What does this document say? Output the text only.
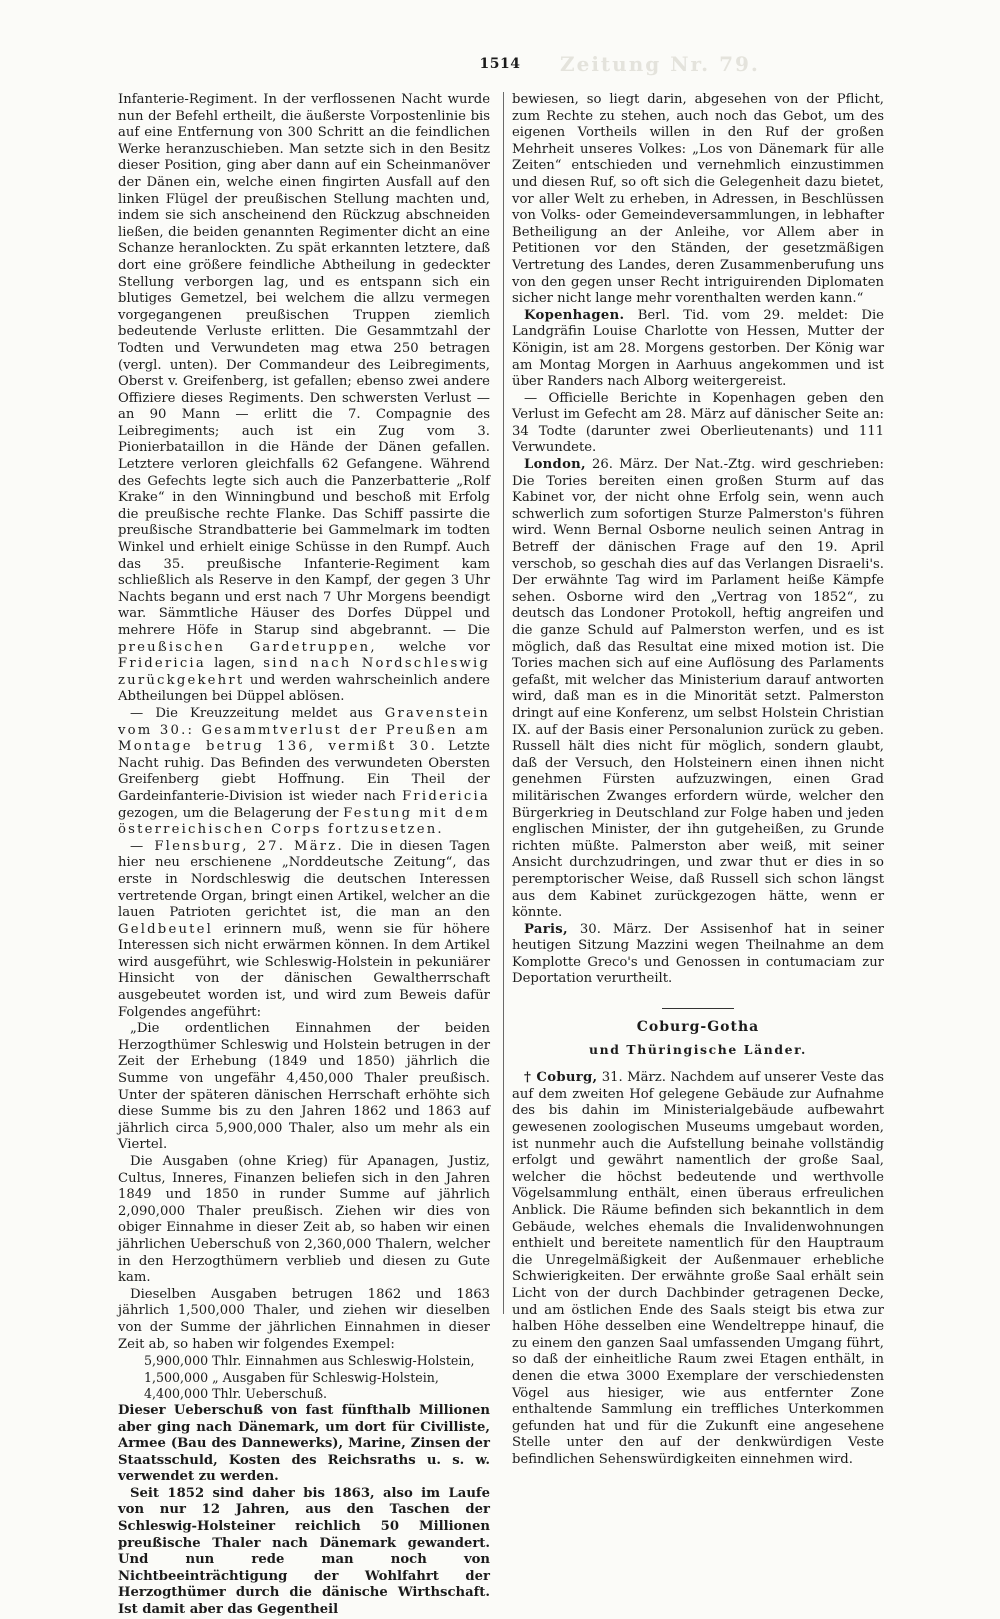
1514 Zeitung Nr. 79.

Infanterie-Regiment. In der verflossenen Nacht wurde nun der Befehl ertheilt, die äußerste Vorpostenlinie bis auf eine Entfernung von 300 Schritt an die feindlichen Werke heranzuschieben. Man setzte sich in den Besitz dieser Position, ging aber dann auf ein Scheinmanöver der Dänen ein, welche einen fingirten Ausfall auf den linken Flügel der preußischen Stellung machten und, indem sie sich anscheinend den Rückzug abschneiden ließen, die beiden genannten Regimenter dicht an eine Schanze heranlockten. Zu spät erkannten letztere, daß dort eine größere feindliche Abtheilung in gedeckter Stellung verborgen lag, und es entspann sich ein blutiges Gemetzel, bei welchem die allzu vermegen vorgegangenen preußischen Truppen ziemlich bedeutende Verluste erlitten. Die Gesammtzahl der Todten und Verwundeten mag etwa 250 betragen (vergl. unten). Der Commandeur des Leibregiments, Oberst v. Greifenberg, ist gefallen; ebenso zwei andere Offiziere dieses Regiments. Den schwersten Verlust — an 90 Mann — erlitt die 7. Compagnie des Leibregiments; auch ist ein Zug vom 3. Pionierbataillon in die Hände der Dänen gefallen. Letztere verloren gleichfalls 62 Gefangene. Während des Gefechts legte sich auch die Panzerbatterie „Rolf Krake“ in den Winningbund und beschoß mit Erfolg die preußische rechte Flanke. Das Schiff passirte die preußische Strandbatterie bei Gammelmark im todten Winkel und erhielt einige Schüsse in den Rumpf. Auch das 35. preußische Infanterie-Regiment kam schließlich als Reserve in den Kampf, der gegen 3 Uhr Nachts begann und erst nach 7 Uhr Morgens beendigt war. Sämmtliche Häuser des Dorfes Düppel und mehrere Höfe in Starup sind abgebrannt. — Die preußischen Gardetruppen, welche vor Fridericia lagen, sind nach Nordschleswig zurückgekehrt und werden wahrscheinlich andere Abtheilungen bei Düppel ablösen.

— Die Kreuzzeitung meldet aus Gravenstein vom 30.: Gesammtverlust der Preußen am Montage betrug 136, vermißt 30. Letzte Nacht ruhig. Das Befinden des verwundeten Obersten Greifenberg giebt Hoffnung. Ein Theil der Gardeinfanterie-Division ist wieder nach Fridericia gezogen, um die Belagerung der Festung mit dem österreichischen Corps fortzusetzen.

— Flensburg, 27. März. Die in diesen Tagen hier neu erschienene „Norddeutsche Zeitung“, das erste in Nordschleswig die deutschen Interessen vertretende Organ, bringt einen Artikel, welcher an die lauen Patrioten gerichtet ist, die man an den Geldbeutel erinnern muß, wenn sie für höhere Interessen sich nicht erwärmen können. In dem Artikel wird ausgeführt, wie Schleswig-Holstein in pekuniärer Hinsicht von der dänischen Gewaltherrschaft ausgebeutet worden ist, und wird zum Beweis dafür Folgendes angeführt:

„Die ordentlichen Einnahmen der beiden Herzogthümer Schleswig und Holstein betrugen in der Zeit der Erhebung (1849 und 1850) jährlich die Summe von ungefähr 4,450,000 Thaler preußisch. Unter der späteren dänischen Herrschaft erhöhte sich diese Summe bis zu den Jahren 1862 und 1863 auf jährlich circa 5,900,000 Thaler, also um mehr als ein Viertel.

Die Ausgaben (ohne Krieg) für Apanagen, Justiz, Cultus, Inneres, Finanzen beliefen sich in den Jahren 1849 und 1850 in runder Summe auf jährlich 2,090,000 Thaler preußisch. Ziehen wir dies von obiger Einnahme in dieser Zeit ab, so haben wir einen jährlichen Ueberschuß von 2,360,000 Thalern, welcher in den Herzogthümern verblieb und diesen zu Gute kam.

Dieselben Ausgaben betrugen 1862 und 1863 jährlich 1,500,000 Thaler, und ziehen wir dieselben von der Summe der jährlichen Einnahmen in dieser Zeit ab, so haben wir folgendes Exempel:

5,900,000 Thlr. Einnahmen aus Schleswig-Holstein,

1,500,000 „ Ausgaben für Schleswig-Holstein,

4,400,000 Thlr. Ueberschuß.

Dieser Ueberschuß von fast fünfthalb Millionen aber ging nach Dänemark, um dort für Civilliste, Armee (Bau des Dannewerks), Marine, Zinsen der Staatsschuld, Kosten des Reichsraths u. s. w. verwendet zu werden.

Seit 1852 sind daher bis 1863, also im Laufe von nur 12 Jahren, aus den Taschen der Schleswig-Holsteiner reichlich 50 Millionen preußische Thaler nach Dänemark gewandert. Und nun rede man noch von Nichtbeeinträchtigung der Wohlfahrt der Herzogthümer durch die dänische Wirthschaft. Ist damit aber das Gegentheil

bewiesen, so liegt darin, abgesehen von der Pflicht, zum Rechte zu stehen, auch noch das Gebot, um des eigenen Vortheils willen in den Ruf der großen Mehrheit unseres Volkes: „Los von Dänemark für alle Zeiten“ entschieden und vernehmlich einzustimmen und diesen Ruf, so oft sich die Gelegenheit dazu bietet, vor aller Welt zu erheben, in Adressen, in Beschlüssen von Volks- oder Gemeindeversammlungen, in lebhafter Betheiligung an der Anleihe, vor Allem aber in Petitionen vor den Ständen, der gesetzmäßigen Vertretung des Landes, deren Zusammenberufung uns von den gegen unser Recht intriguirenden Diplomaten sicher nicht lange mehr vorenthalten werden kann.“

Kopenhagen. Berl. Tid. vom 29. meldet: Die Landgräfin Louise Charlotte von Hessen, Mutter der Königin, ist am 28. Morgens gestorben. Der König war am Montag Morgen in Aarhuus angekommen und ist über Randers nach Alborg weitergereist.

— Officielle Berichte in Kopenhagen geben den Verlust im Gefecht am 28. März auf dänischer Seite an: 34 Todte (darunter zwei Oberlieutenants) und 111 Verwundete.

London, 26. März. Der Nat.-Ztg. wird geschrieben: Die Tories bereiten einen großen Sturm auf das Kabinet vor, der nicht ohne Erfolg sein, wenn auch schwerlich zum sofortigen Sturze Palmerston's führen wird. Wenn Bernal Osborne neulich seinen Antrag in Betreff der dänischen Frage auf den 19. April verschob, so geschah dies auf das Verlangen Disraeli's. Der erwähnte Tag wird im Parlament heiße Kämpfe sehen. Osborne wird den „Vertrag von 1852“, zu deutsch das Londoner Protokoll, heftig angreifen und die ganze Schuld auf Palmerston werfen, und es ist möglich, daß das Resultat eine mixed motion ist. Die Tories machen sich auf eine Auflösung des Parlaments gefaßt, mit welcher das Ministerium darauf antworten wird, daß man es in die Minorität setzt. Palmerston dringt auf eine Konferenz, um selbst Holstein Christian IX. auf der Basis einer Personalunion zurück zu geben. Russell hält dies nicht für möglich, sondern glaubt, daß der Versuch, den Holsteinern einen ihnen nicht genehmen Fürsten aufzuzwingen, einen Grad militärischen Zwanges erfordern würde, welcher den Bürgerkrieg in Deutschland zur Folge haben und jeden englischen Minister, der ihn gutgeheißen, zu Grunde richten müßte. Palmerston aber weiß, mit seiner Ansicht durchzudringen, und zwar thut er dies in so peremptorischer Weise, daß Russell sich schon längst aus dem Kabinet zurückgezogen hätte, wenn er könnte.

Paris, 30. März. Der Assisenhof hat in seiner heutigen Sitzung Mazzini wegen Theilnahme an dem Komplotte Greco's und Genossen in contumaciam zur Deportation verurtheilt.

Coburg-Gotha

und Thüringische Länder.

† Coburg, 31. März. Nachdem auf unserer Veste das auf dem zweiten Hof gelegene Gebäude zur Aufnahme des bis dahin im Ministerialgebäude aufbewahrt gewesenen zoologischen Museums umgebaut worden, ist nunmehr auch die Aufstellung beinahe vollständig erfolgt und gewährt namentlich der große Saal, welcher die höchst bedeutende und werthvolle Vögelsammlung enthält, einen überaus erfreulichen Anblick. Die Räume befinden sich bekanntlich in dem Gebäude, welches ehemals die Invalidenwohnungen enthielt und bereitete namentlich für den Hauptraum die Unregelmäßigkeit der Außenmauer erhebliche Schwierigkeiten. Der erwähnte große Saal erhält sein Licht von der durch Dachbinder getragenen Decke, und am östlichen Ende des Saals steigt bis etwa zur halben Höhe desselben eine Wendeltreppe hinauf, die zu einem den ganzen Saal umfassenden Umgang führt, so daß der einheitliche Raum zwei Etagen enthält, in denen die etwa 3000 Exemplare der verschiedensten Vögel aus hiesiger, wie aus entfernter Zone enthaltende Sammlung ein treffliches Unterkommen gefunden hat und für die Zukunft eine angesehene Stelle unter den auf der denkwürdigen Veste befindlichen Sehenswürdigkeiten einnehmen wird.
